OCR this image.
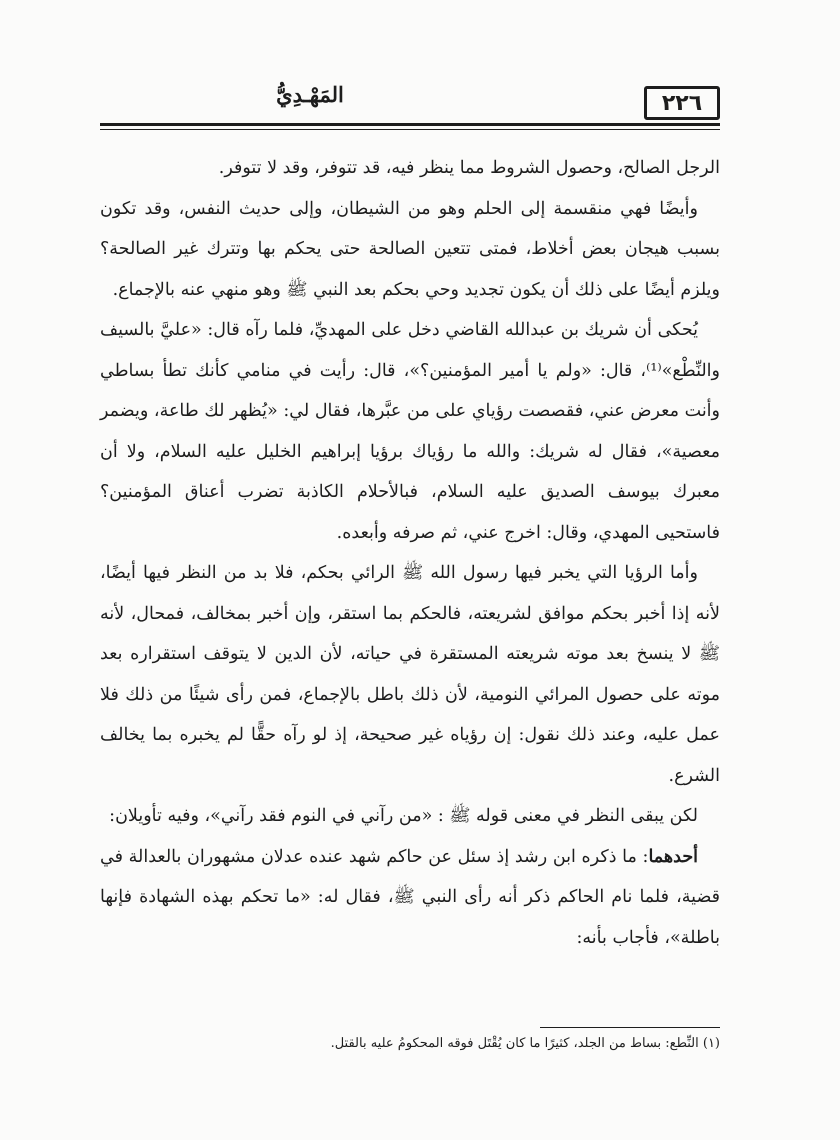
٢٢٦
المَهْـدِيُّ

الرجل الصالح، وحصول الشروط مما ينظر فيه، قد تتوفر، وقد لا تتوفر.

وأيضًا فهي منقسمة إلى الحلم وهو من الشيطان، وإلى حديث النفس، وقد تكون بسبب هيجان بعض أخلاط، فمتى تتعين الصالحة حتى يحكم بها وتترك غير الصالحة؟ ويلزم أيضًا على ذلك أن يكون تجديد وحي بحكم بعد النبي ﷺ وهو منهي عنه بالإجماع.

يُحكى أن شريك بن عبدالله القاضي دخل على المهديِّ، فلما رآه قال: «عليَّ بالسيف والنِّطْع»⁽¹⁾، قال: «ولم يا أمير المؤمنين؟»، قال: رأيت في منامي كأنك تطأ بساطي وأنت معرض عني، فقصصت رؤياي على من عبَّرها، فقال لي: «يُظهر لك طاعة، ويضمر معصية»، فقال له شريك: والله ما رؤياك برؤيا إبراهيم الخليل عليه السلام، ولا أن معبرك بيوسف الصديق عليه السلام، فبالأحلام الكاذبة تضرب أعناق المؤمنين؟ فاستحيى المهدي، وقال: اخرج عني، ثم صرفه وأبعده.

وأما الرؤيا التي يخبر فيها رسول الله ﷺ الرائي بحكم، فلا بد من النظر فيها أيضًا، لأنه إذا أخبر بحكم موافق لشريعته، فالحكم بما استقر، وإن أخبر بمخالف، فمحال، لأنه ﷺ لا ينسخ بعد موته شريعته المستقرة في حياته، لأن الدين لا يتوقف استقراره بعد موته على حصول المرائي النومية، لأن ذلك باطل بالإجماع، فمن رأى شيئًا من ذلك فلا عمل عليه، وعند ذلك نقول: إن رؤياه غير صحيحة، إذ لو رآه حقًّا لم يخبره بما يخالف الشرع.

لكن يبقى النظر في معنى قوله ﷺ : «من رآني في النوم فقد رآني»، وفيه تأويلان:

أحدهما: ما ذكره ابن رشد إذ سئل عن حاكم شهد عنده عدلان مشهوران بالعدالة في قضية، فلما نام الحاكم ذكر أنه رأى النبي ﷺ، فقال له: «ما تحكم بهذه الشهادة فإنها باطلة»، فأجاب بأنه:

(١) النِّطع: بساط من الجلد، كثيرًا ما كان يُقْتَل فوقه المحكومُ عليه بالقتل.
